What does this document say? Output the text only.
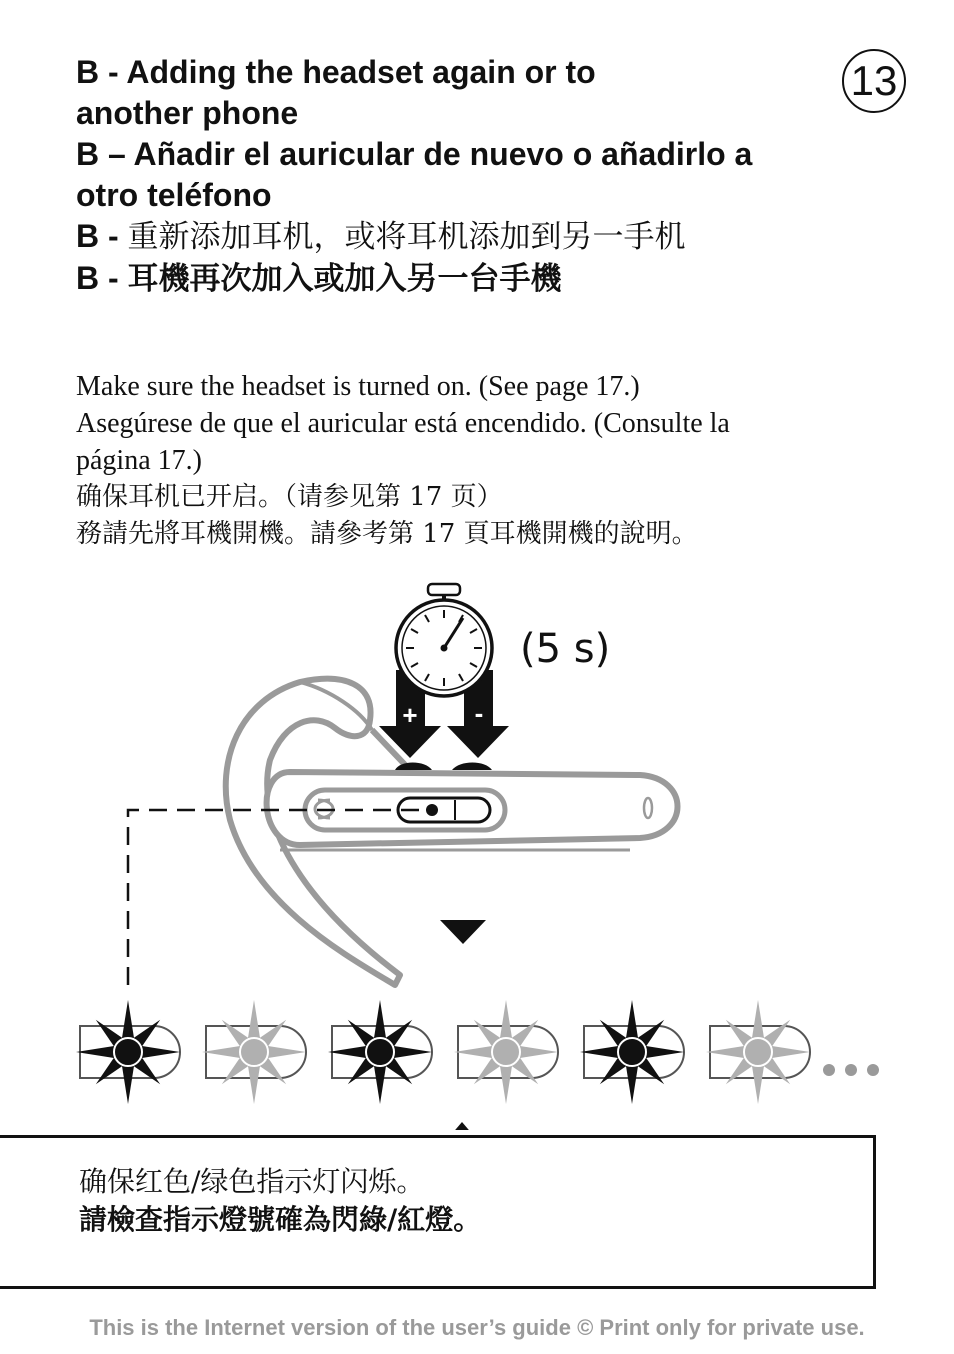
13
B - Adding the headset again or to
another phone
B – Añadir el auricular de nuevo o añadirlo a
otro teléfono
B - 重新添加耳机，或将耳机添加到另一手机
B - 耳機再次加入或加入另一台手機
Make sure the headset is turned on. (See page 17.)
Asegúrese de que el auricular está encendido. (Consulte la
página 17.)
确保耳机已开启。（请参见第 17 页）
務請先將耳機開機。請參考第 17 頁耳機開機的說明。
+ -
(5 s)
确保红色/绿色指示灯闪烁。
請檢查指示燈號確為閃綠/紅燈。
This is the Internet version of the user’s guide © Print only for private use.
